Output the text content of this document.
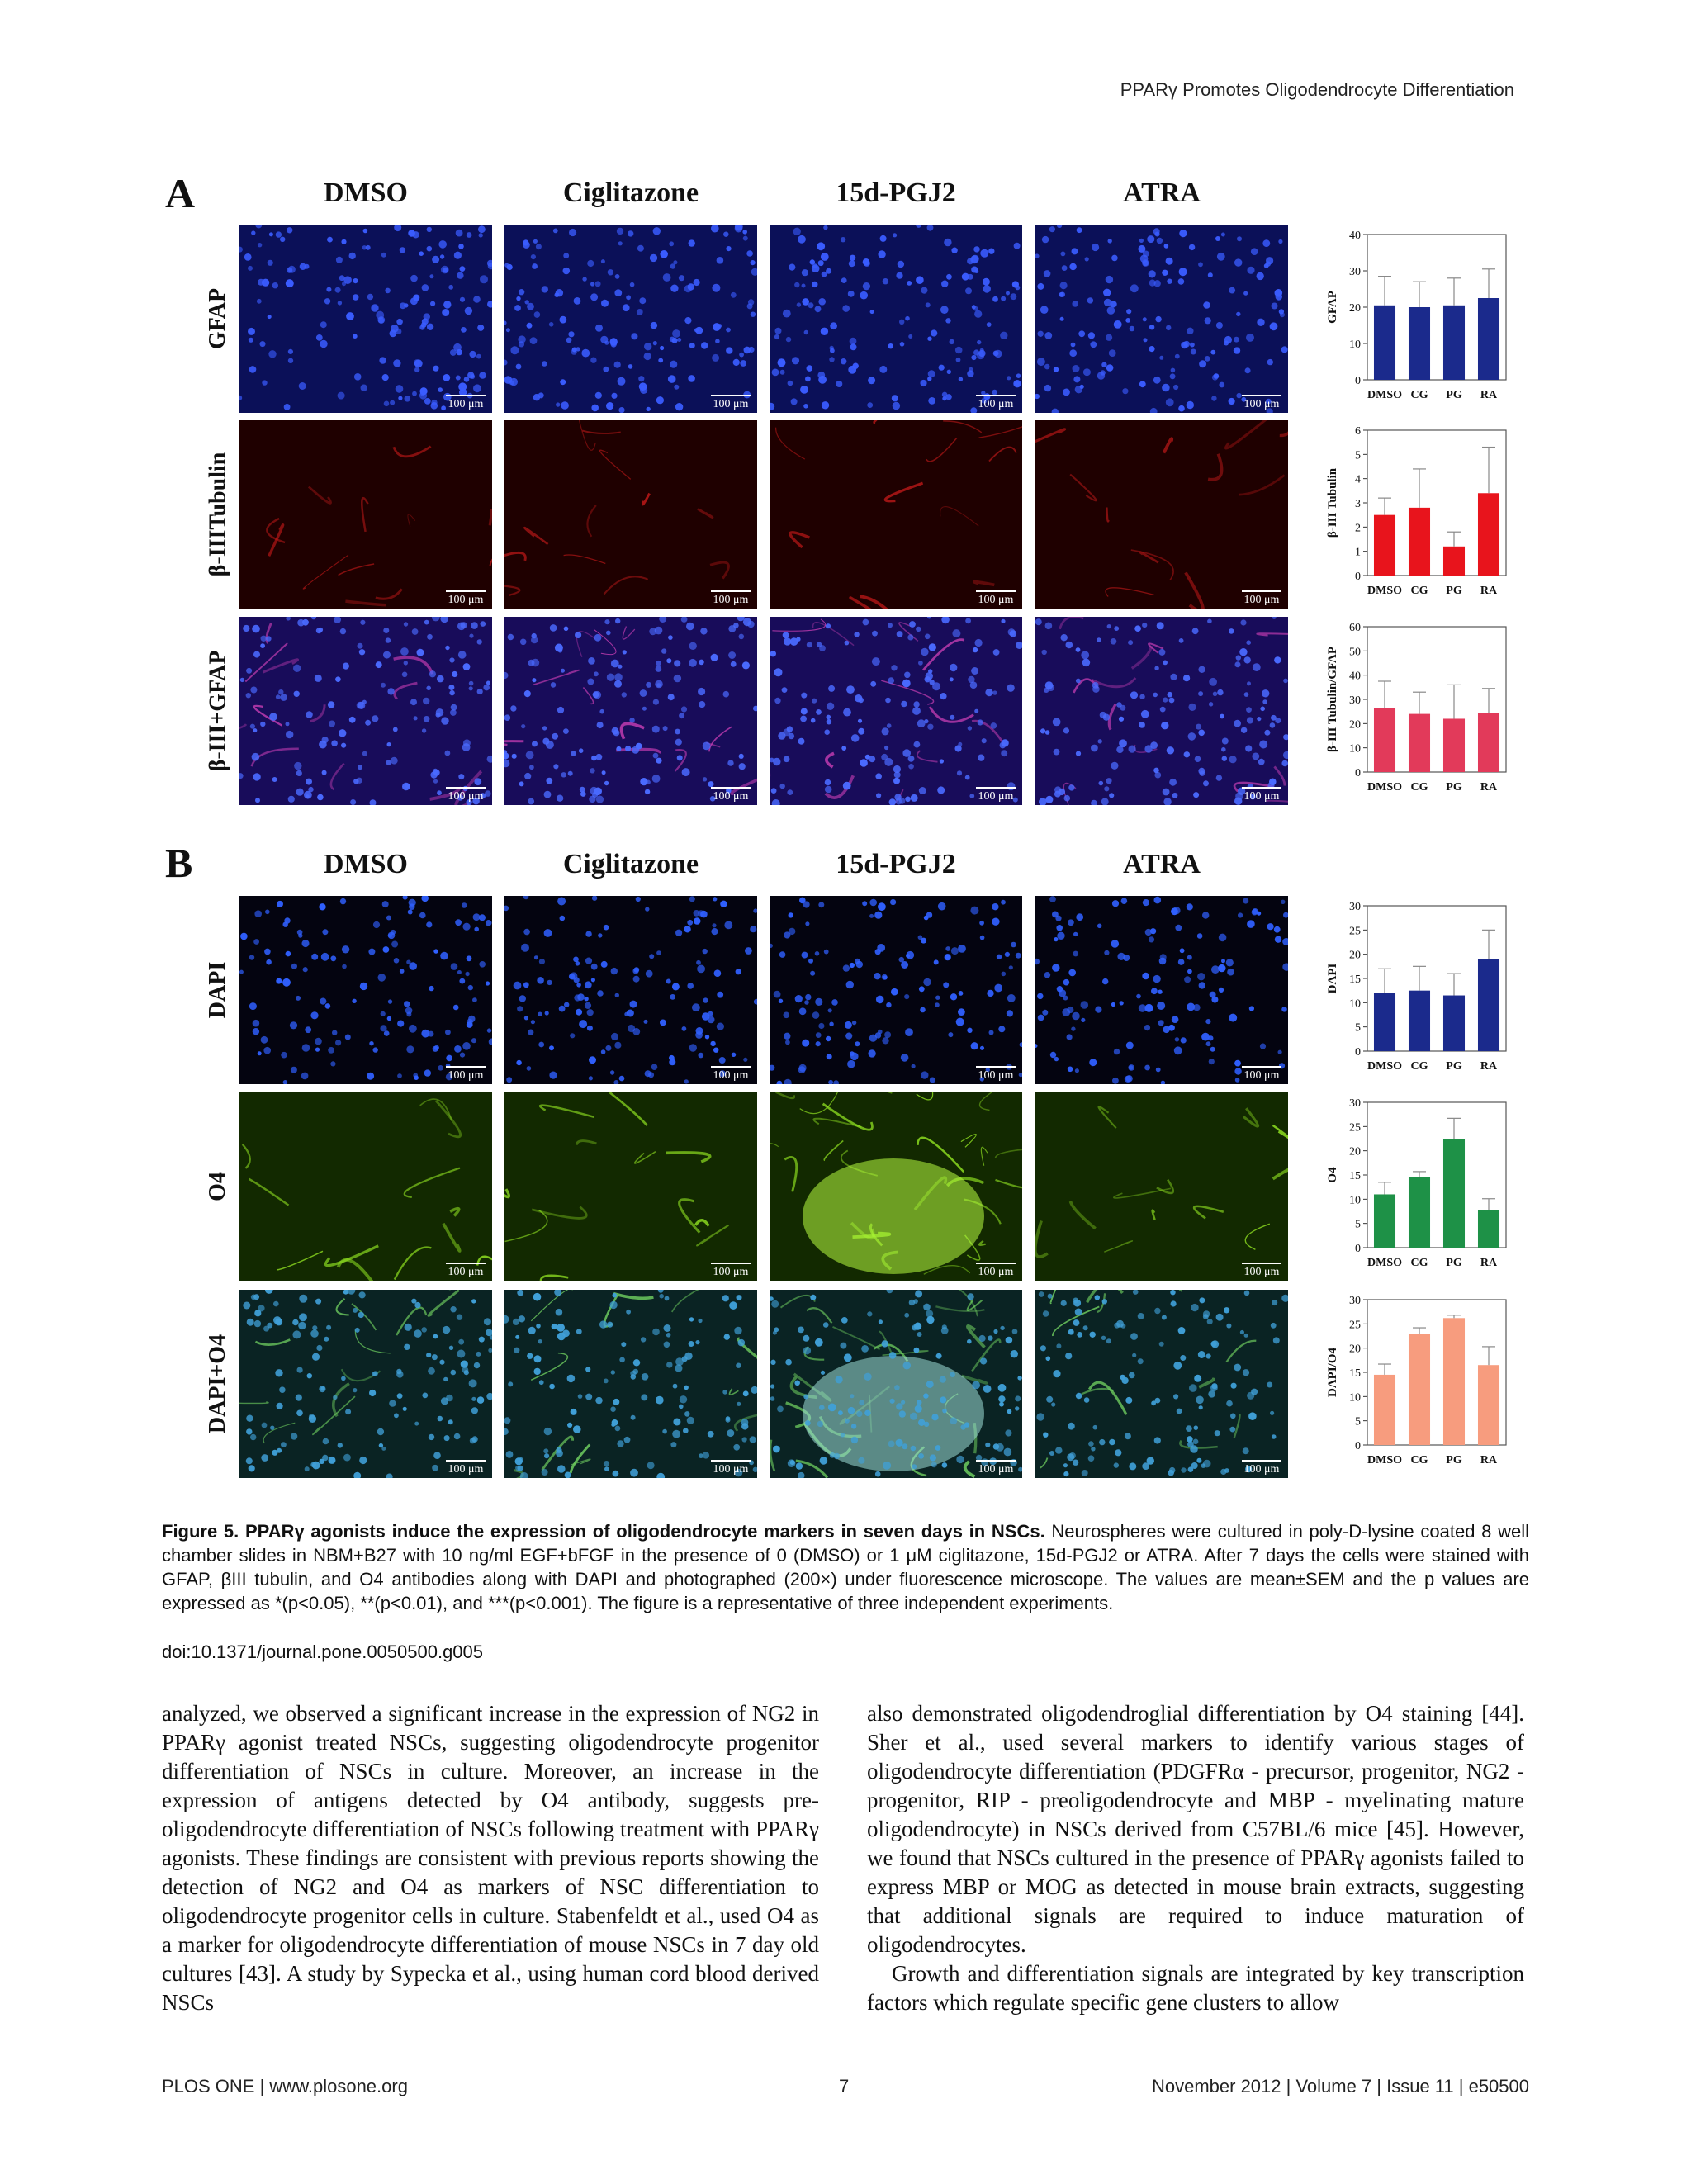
PPARγ Promotes Oligodendrocyte Differentiation
A	DMSO	Ciglitazone	15d-PGJ2	ATRA
GFAP
100 μm	100 μm	100 μm	100 μm
β-IIITubulin
100 μm	100 μm	100 μm	100 μm
β-III+GFAP
100 μm	100 μm	100 μm	100 μm
B	DMSO	Ciglitazone	15d-PGJ2	ATRA
DAPI
100 μm	100 μm	100 μm	100 μm
O4
100 μm	100 μm	100 μm	100 μm
DAPI+O4
100 μm	100 μm	100 μm	100 μm
0
10
20
30
40
GFAP
DMSO CG PG RA
0
1
2
3
4
5
6
β-III Tubulin
DMSO CG PG RA
0
10
20
30
40
50
60
β-III Tubulin/GFAP
DMSO CG PG RA
0
5
10
15
20
25
30
DAPI
DMSO CG PG RA
0
5
10
15
20
25
30
O4
DMSO CG PG RA
0
5
10
15
20
25
30
DAPI/O4
DMSO CG PG RA
Figure 5. PPARγ agonists induce the expression of oligodendrocyte markers in seven days in NSCs. Neurospheres were cultured in poly-D-lysine coated 8 well chamber slides in NBM+B27 with 10 ng/ml EGF+bFGF in the presence of 0 (DMSO) or 1 μM ciglitazone, 15d-PGJ2 or ATRA. After 7 days the cells were stained with GFAP, βIII tubulin, and O4 antibodies along with DAPI and photographed (200×) under fluorescence microscope. The values are mean±SEM and the p values are expressed as *(p<0.05), **(p<0.01), and ***(p<0.001). The figure is a representative of three independent experiments.
doi:10.1371/journal.pone.0050500.g005

analyzed, we observed a significant increase in the expression of NG2 in PPARγ agonist treated NSCs, suggesting oligodendrocyte progenitor differentiation of NSCs in culture. Moreover, an increase in the expression of antigens detected by O4 antibody, suggests pre-oligodendrocyte differentiation of NSCs following treatment with PPARγ agonists. These findings are consistent with previous reports showing the detection of NG2 and O4 as markers of NSC differentiation to oligodendrocyte progenitor cells in culture. Stabenfeldt et al., used O4 as a marker for oligodendrocyte differentiation of mouse NSCs in 7 day old cultures [43]. A study by Sypecka et al., using human cord blood derived NSCs

also demonstrated oligodendroglial differentiation by O4 staining [44]. Sher et al., used several markers to identify various stages of oligodendrocyte differentiation (PDGFRα - precursor, progenitor, NG2 - progenitor, RIP - preoligodendrocyte and MBP - myelinating mature oligodendrocyte) in NSCs derived from C57BL/6 mice [45]. However, we found that NSCs cultured in the presence of PPARγ agonists failed to express MBP or MOG as detected in mouse brain extracts, suggesting that additional signals are required to induce maturation of oligodendrocytes.

Growth and differentiation signals are integrated by key transcription factors which regulate specific gene clusters to allow

PLOS ONE | www.plosone.org	7	November 2012 | Volume 7 | Issue 11 | e50500
